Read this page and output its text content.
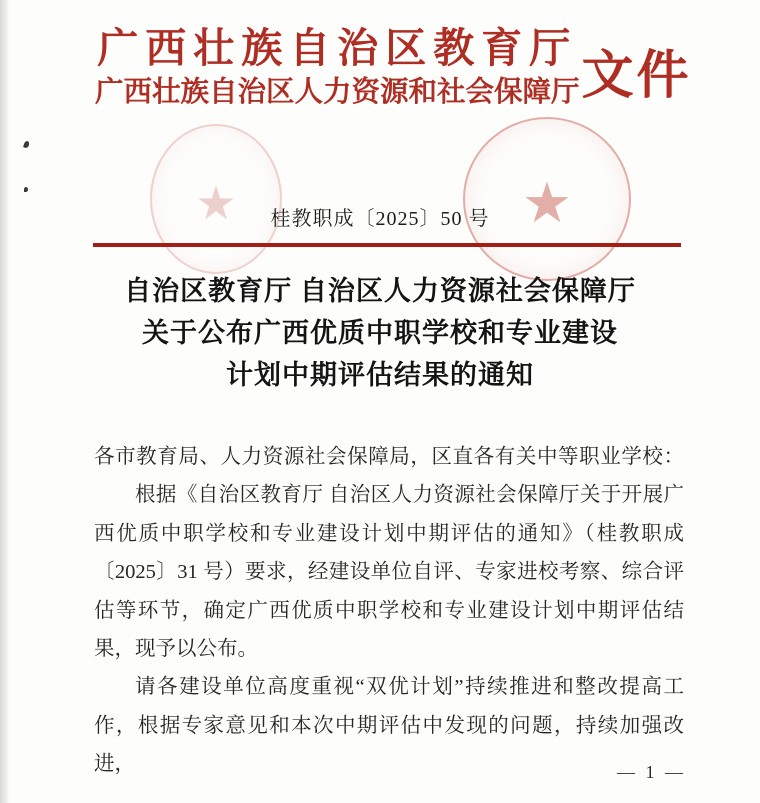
★	★
广西壮族自治区教育厅
广西壮族自治区人力资源和社会保障厅 文件
桂教职成〔2025〕50 号
自治区教育厅 自治区人力资源社会保障厅
关于公布广西优质中职学校和专业建设
计划中期评估结果的通知

各市教育局、人力资源社会保障局，区直各有关中等职业学校：

根据《自治区教育厅 自治区人力资源社会保障厅关于开展广西优质中职学校和专业建设计划中期评估的通知》（桂教职成〔2025〕31 号）要求，经建设单位自评、专家进校考察、综合评估等环节，确定广西优质中职学校和专业建设计划中期评估结果，现予以公布。

请各建设单位高度重视“双优计划”持续推进和整改提高工作，根据专家意见和本次中期评估中发现的问题，持续加强改进，	— 1 —
